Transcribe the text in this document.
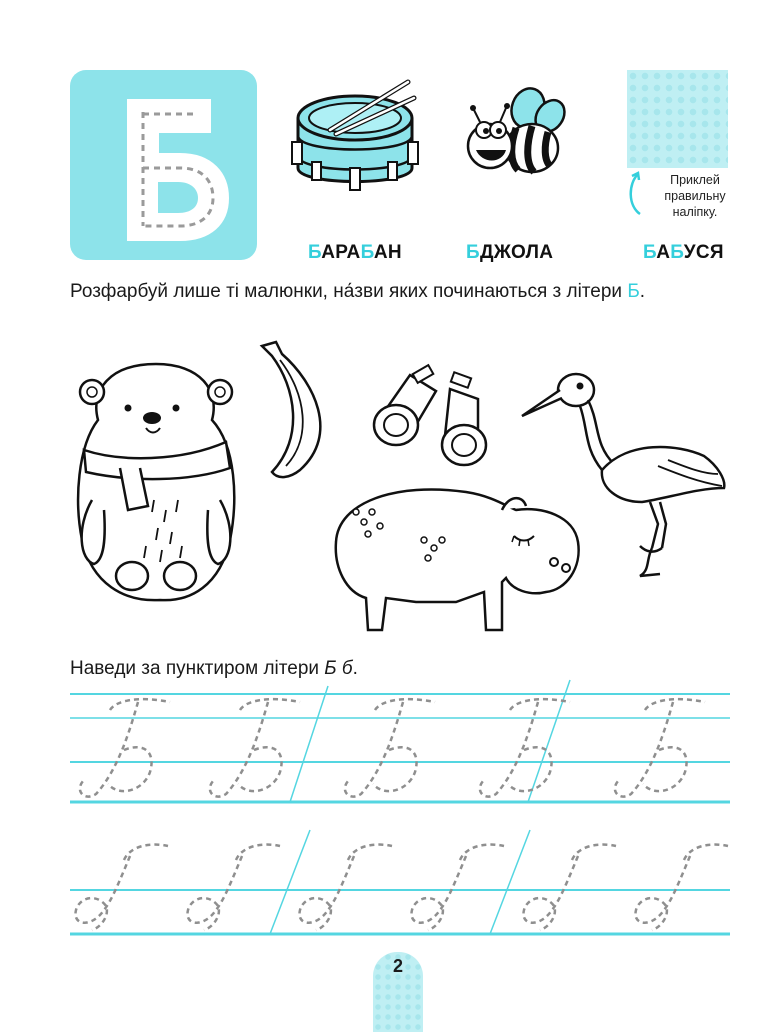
Приклей правильну наліпку.
БАРАБАН	БДЖОЛА	БАБУСЯ
Розфарбуй лише ті малюнки, на́зви яких починаються з літери Б.
Наведи за пунктиром літери Б б.
2
